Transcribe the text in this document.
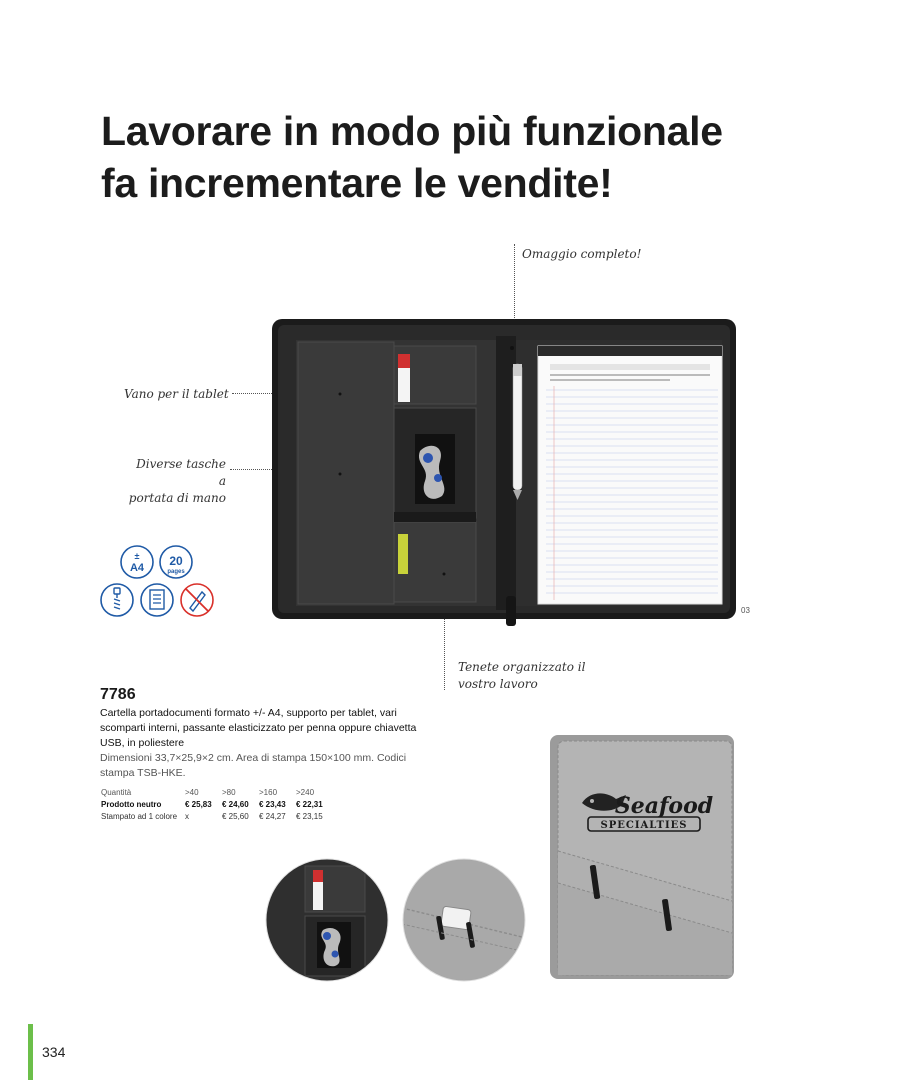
Lavorare in modo più funzionale
fa incrementare le vendite!
Omaggio completo!
Vano per il tablet
Diverse tasche a
portata di mano
Tenete organizzato il
vostro lavoro
03
±
A4 20
pages
7786
Cartella portadocumenti formato +/- A4, supporto per tablet, vari scomparti interni, passante elasticizzato per penna oppure chiavetta USB, in poliestere
Dimensioni 33,7×25,9×2 cm. Area di stampa 150×100 mm. Codici stampa TSB-HKE.
Quantità	>40	>80	>160	>240
Prodotto neutro	€ 25,83	€ 24,60	€ 23,43	€ 22,31
Stampato ad 1 colore	x	€ 25,60	€ 24,27	€ 23,15	Seafood
SPECIALTIES
334
